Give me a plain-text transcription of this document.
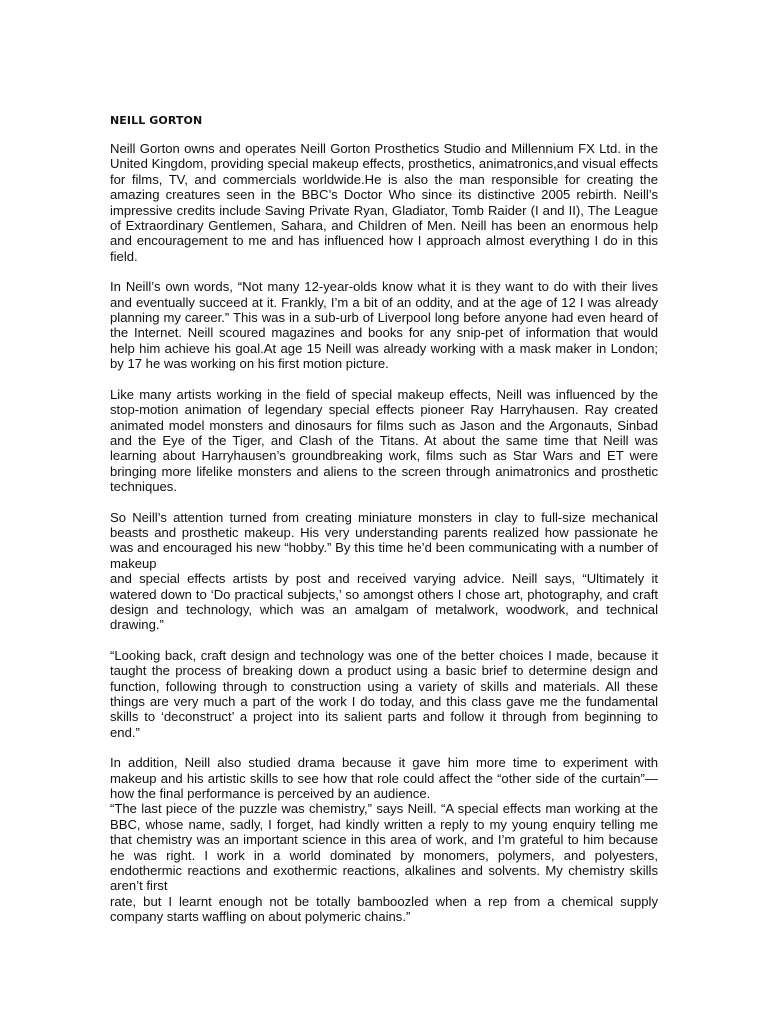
NEILL GORTON

Neill Gorton owns and operates Neill Gorton Prosthetics Studio and Millennium FX Ltd. in the United Kingdom, providing special makeup effects, prosthetics, animatronics,and visual effects for films, TV, and commercials worldwide.He is also the man responsible for creating the amazing creatures seen in the BBC’s Doctor Who since its distinctive 2005 rebirth. Neill’s impressive credits include Saving Private Ryan, Gladiator, Tomb Raider (I and II), The League of Extraordinary Gentlemen, Sahara, and Children of Men. Neill has been an enormous help and encouragement to me and has influenced how I approach almost everything I do in this field.

In Neill’s own words, “Not many 12-year-olds know what it is they want to do with their lives and eventually succeed at it. Frankly, I’m a bit of an oddity, and at the age of 12 I was already planning my career.” This was in a sub-urb of Liverpool long before anyone had even heard of the Internet. Neill scoured magazines and books for any snip-pet of information that would help him achieve his goal.At age 15 Neill was already working with a mask maker in London; by 17 he was working on his first motion picture.

Like many artists working in the field of special makeup effects, Neill was influenced by the stop-motion animation of legendary special effects pioneer Ray Harryhausen. Ray created animated model monsters and dinosaurs for films such as Jason and the Argonauts, Sinbad and the Eye of the Tiger, and Clash of the Titans. At about the same time that Neill was learning about Harryhausen’s groundbreaking work, films such as Star Wars and ET were bringing more lifelike monsters and aliens to the screen through animatronics and prosthetic techniques.

So Neill’s attention turned from creating miniature monsters in clay to full-size mechanical beasts and prosthetic makeup. His very understanding parents realized how passionate he was and encouraged his new “hobby.” By this time he’d been communicating with a number of makeup

and special effects artists by post and received varying advice. Neill says, “Ultimately it watered down to ‘Do practical subjects,’ so amongst others I chose art, photography, and craft design and technology, which was an amalgam of metalwork, woodwork, and technical drawing.”

“Looking back, craft design and technology was one of the better choices I made, because it taught the process of breaking down a product using a basic brief to determine design and function, following through to construction using a variety of skills and materials. All these things are very much a part of the work I do today, and this class gave me the fundamental skills to ‘deconstruct’ a project into its salient parts and follow it through from beginning to end.”

In addition, Neill also studied drama because it gave him more time to experiment with makeup and his artistic skills to see how that role could affect the “other side of the curtain”—how the final performance is perceived by an audience.

“The last piece of the puzzle was chemistry,” says Neill. “A special effects man working at the BBC, whose name, sadly, I forget, had kindly written a reply to my young enquiry telling me that chemistry was an important science in this area of work, and I’m grateful to him because he was right. I work in a world dominated by monomers, polymers, and polyesters, endothermic reactions and exothermic reactions, alkalines and solvents. My chemistry skills aren’t first

rate, but I learnt enough not be totally bamboozled when a rep from a chemical supply company starts waffling on about polymeric chains.”
